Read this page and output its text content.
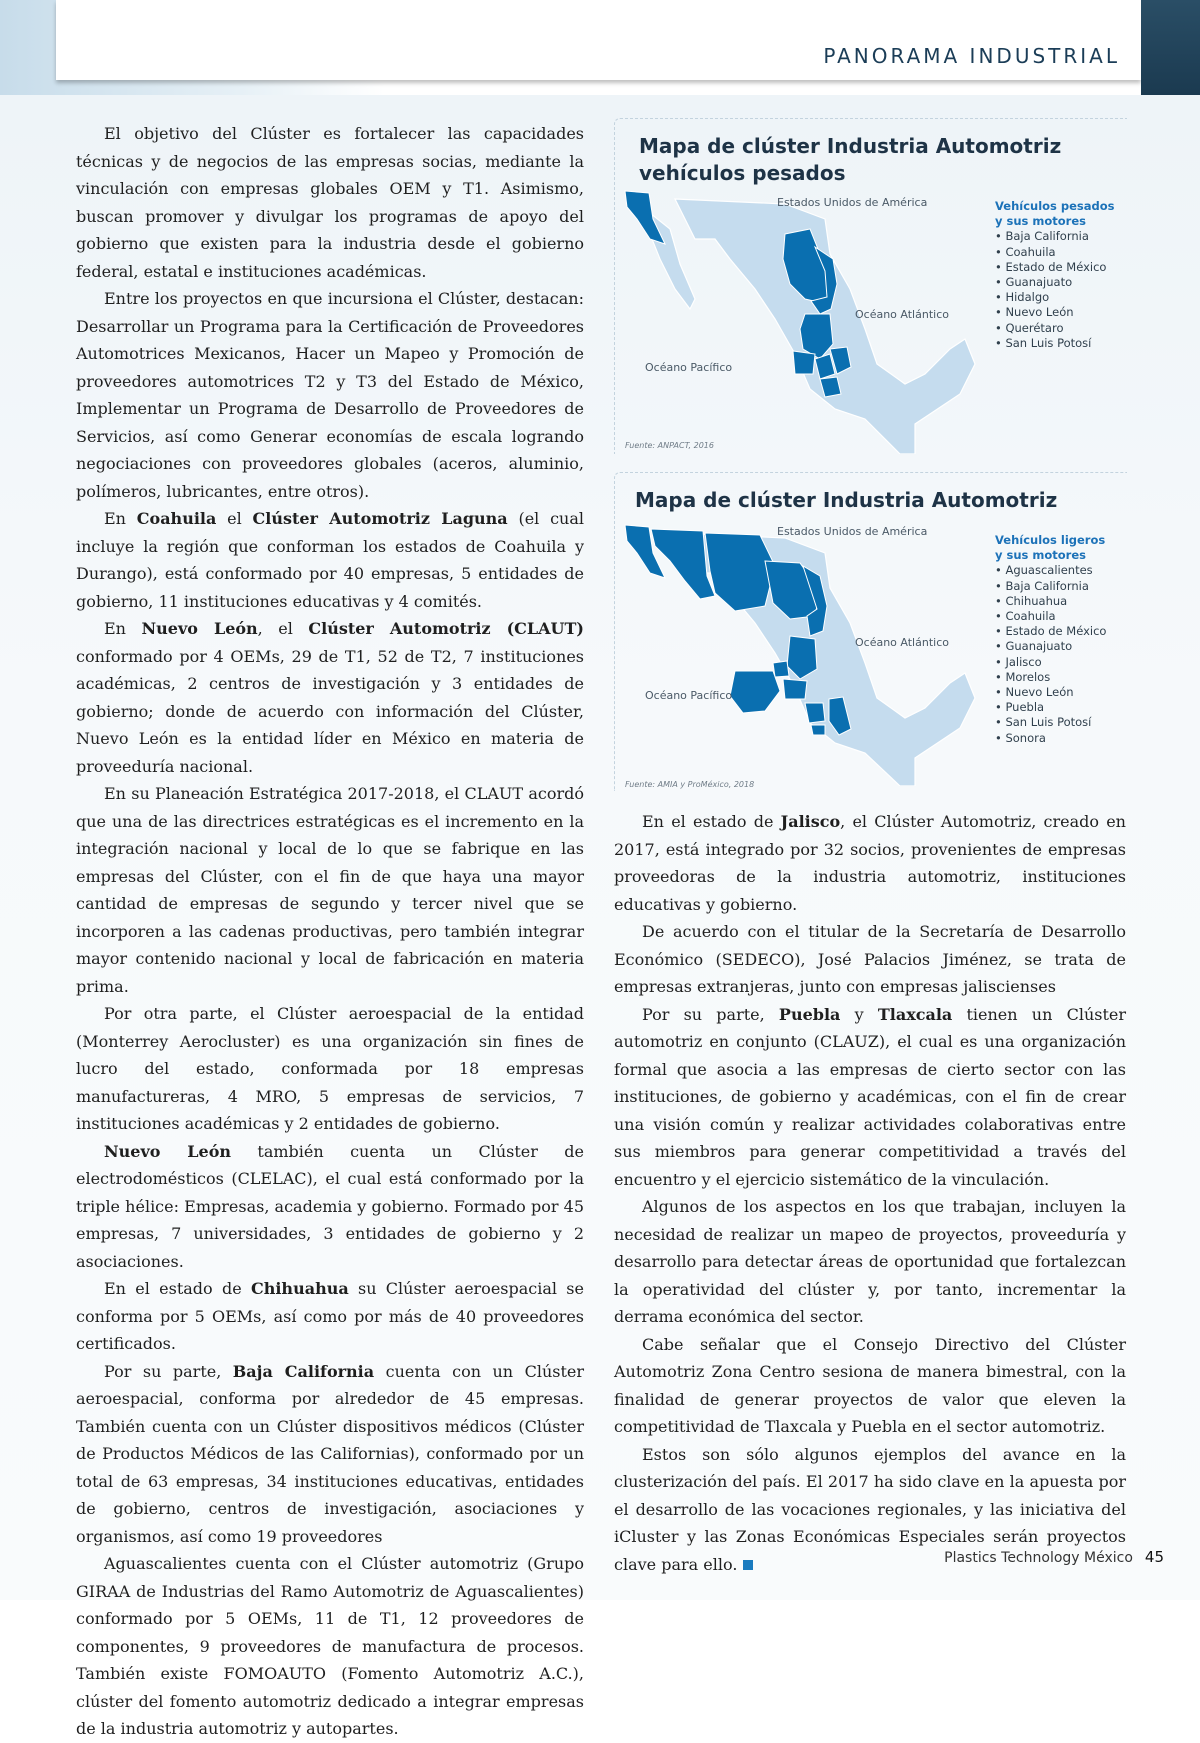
PANORAMA INDUSTRIAL

El objetivo del Clúster es fortalecer las capacidades técnicas y de negocios de las empresas socias, mediante la vinculación con empresas globales OEM y T1. Asimismo, buscan promover y divulgar los programas de apoyo del gobierno que existen para la industria desde el gobierno federal, estatal e instituciones académicas.

Entre los proyectos en que incursiona el Clúster, destacan: Desarrollar un Programa para la Certificación de Proveedores Automotrices Mexicanos, Hacer un Mapeo y Promoción de proveedores automotrices T2 y T3 del Estado de México, Implementar un Programa de Desarrollo de Proveedores de Servicios, así como Generar economías de escala logrando negociaciones con proveedores globales (aceros, aluminio, polímeros, lubricantes, entre otros).

En Coahuila el Clúster Automotriz Laguna (el cual incluye la región que conforman los estados de Coahuila y Durango), está conformado por 40 empresas, 5 entidades de gobierno, 11 instituciones educativas y 4 comités.

En Nuevo León, el Clúster Automotriz (CLAUT) conformado por 4 OEMs, 29 de T1, 52 de T2, 7 instituciones académicas, 2 centros de investigación y 3 entidades de gobierno; donde de acuerdo con información del Clúster, Nuevo León es la entidad líder en México en materia de proveeduría nacional.

En su Planeación Estratégica 2017-2018, el CLAUT acordó que una de las directrices estratégicas es el incremento en la integración nacional y local de lo que se fabrique en las empresas del Clúster, con el fin de que haya una mayor cantidad de empresas de segundo y tercer nivel que se incorporen a las cadenas productivas, pero también integrar mayor contenido nacional y local de fabricación en materia prima.

Por otra parte, el Clúster aeroespacial de la entidad (Monterrey Aerocluster) es una organización sin fines de lucro del estado, conformada por 18 empresas manufactureras, 4 MRO, 5 empresas de servicios, 7 instituciones académicas y 2 entidades de gobierno.

Nuevo León también cuenta un Clúster de electrodomésticos (CLELAC), el cual está conformado por la triple hélice: Empresas, academia y gobierno. Formado por 45 empresas, 7 universidades, 3 entidades de gobierno y 2 asociaciones.

En el estado de Chihuahua su Clúster aeroespacial se conforma por 5 OEMs, así como por más de 40 proveedores certificados.

Por su parte, Baja California cuenta con un Clúster aeroespacial, conforma por alrededor de 45 empresas. También cuenta con un Clúster dispositivos médicos (Clúster de Productos Médicos de las Californias), conformado por un total de 63 empresas, 34 instituciones educativas, entidades de gobierno, centros de investigación, asociaciones y organismos, así como 19 proveedores

Aguascalientes cuenta con el Clúster automotriz (Grupo GIRAA de Industrias del Ramo Automotriz de Aguascalientes) conformado por 5 OEMs, 11 de T1, 12 proveedores de componentes, 9 proveedores de manufactura de procesos. También existe FOMOAUTO (Fomento Automotriz A.C.), clúster del fomento automotriz dedicado a integrar empresas de la industria automotriz y autopartes.

Mapa de clúster Industria Automotriz vehículos pesados
Estados Unidos de América
Océano Atlántico
Océano Pacífico
Vehículos pesados
y sus motores
• Baja California
• Coahuila
• Estado de México
• Guanajuato
• Hidalgo
• Nuevo León
• Querétaro
• San Luis Potosí
Fuente: ANPACT, 2016
Mapa de clúster Industria Automotriz
Estados Unidos de América
Océano Atlántico
Océano Pacífico
Vehículos ligeros
y sus motores
• Aguascalientes
• Baja California
• Chihuahua
• Coahuila
• Estado de México
• Guanajuato
• Jalisco
• Morelos
• Nuevo León
• Puebla
• San Luis Potosí
• Sonora
Fuente: AMIA y ProMéxico, 2018

En el estado de Jalisco, el Clúster Automotriz, creado en 2017, está integrado por 32 socios, provenientes de empresas proveedoras de la industria automotriz, instituciones educativas y gobierno.

De acuerdo con el titular de la Secretaría de Desarrollo Económico (SEDECO), José Palacios Jiménez, se trata de empresas extranjeras, junto con empresas jaliscienses

Por su parte, Puebla y Tlaxcala tienen un Clúster automotriz en conjunto (CLAUZ), el cual es una organización formal que asocia a las empresas de cierto sector con las instituciones, de gobierno y académicas, con el fin de crear una visión común y realizar actividades colaborativas entre sus miembros para generar competitividad a través del encuentro y el ejercicio sistemático de la vinculación.

Algunos de los aspectos en los que trabajan, incluyen la necesidad de realizar un mapeo de proyectos, proveeduría y desarrollo para detectar áreas de oportunidad que fortalezcan la operatividad del clúster y, por tanto, incrementar la derrama económica del sector.

Cabe señalar que el Consejo Directivo del Clúster Automotriz Zona Centro sesiona de manera bimestral, con la finalidad de generar proyectos de valor que eleven la competitividad de Tlaxcala y Puebla en el sector automotriz.

Estos son sólo algunos ejemplos del avance en la clusterización del país. El 2017 ha sido clave en la apuesta por el desarrollo de las vocaciones regionales, y las iniciativa del iCluster y las Zonas Económicas Especiales serán proyectos clave para ello.	Plastics Technology México 45
